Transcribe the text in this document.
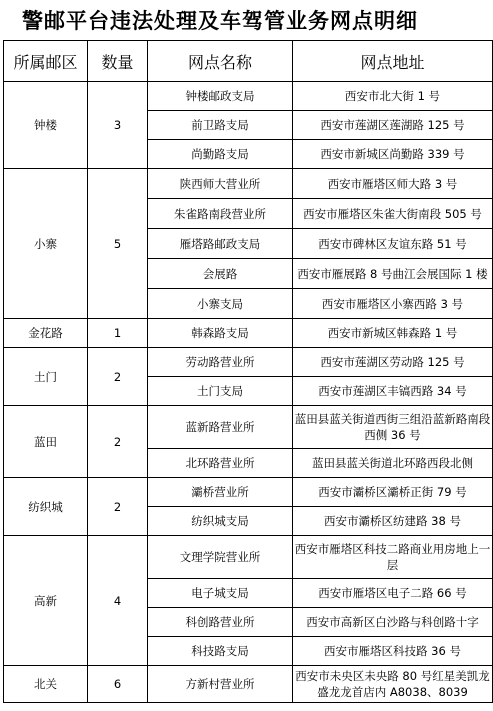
警邮平台违法处理及车驾管业务网点明细
所属邮区	数量	网点名称	网点地址
钟楼	3	钟楼邮政支局	西安市北大街 1 号
		前卫路支局	西安市莲湖区莲湖路 125 号
		尚勤路支局	西安市新城区尚勤路 339 号
小寨	5	陕西师大营业所	西安市雁塔区师大路 3 号
		朱雀路南段营业所	西安市雁塔区朱雀大街南段 505 号
		雁塔路邮政支局	西安市碑林区友谊东路 51 号
		会展路	西安市雁展路 8 号曲江会展国际 1 楼
		小寨支局	西安市雁塔区小寨西路 3 号
金花路	1	韩森路支局	西安市新城区韩森路 1 号
土门	2	劳动路营业所	西安市莲湖区劳动路 125 号
		土门支局	西安市莲湖区丰镐西路 34 号
蓝田	2	蓝新路营业所	蓝田县蓝关街道西街三组沿蓝新路南段西侧 36 号
		北环路营业所	蓝田县蓝关街道北环路西段北侧
纺织城	2	灞桥营业所	西安市灞桥区灞桥正街 79 号
		纺织城支局	西安市灞桥区纺建路 38 号
高新	4	文理学院营业所	西安市雁塔区科技二路商业用房地上一层
		电子城支局	西安市雁塔区电子二路 66 号
		科创路营业所	西安市高新区白沙路与科创路十字
		科技路支局	西安市雁塔区科技路 36 号
北关	6	方新村营业所	西安市未央区未央路 80 号红星美凯龙盛龙龙首店内 A8038、8039
